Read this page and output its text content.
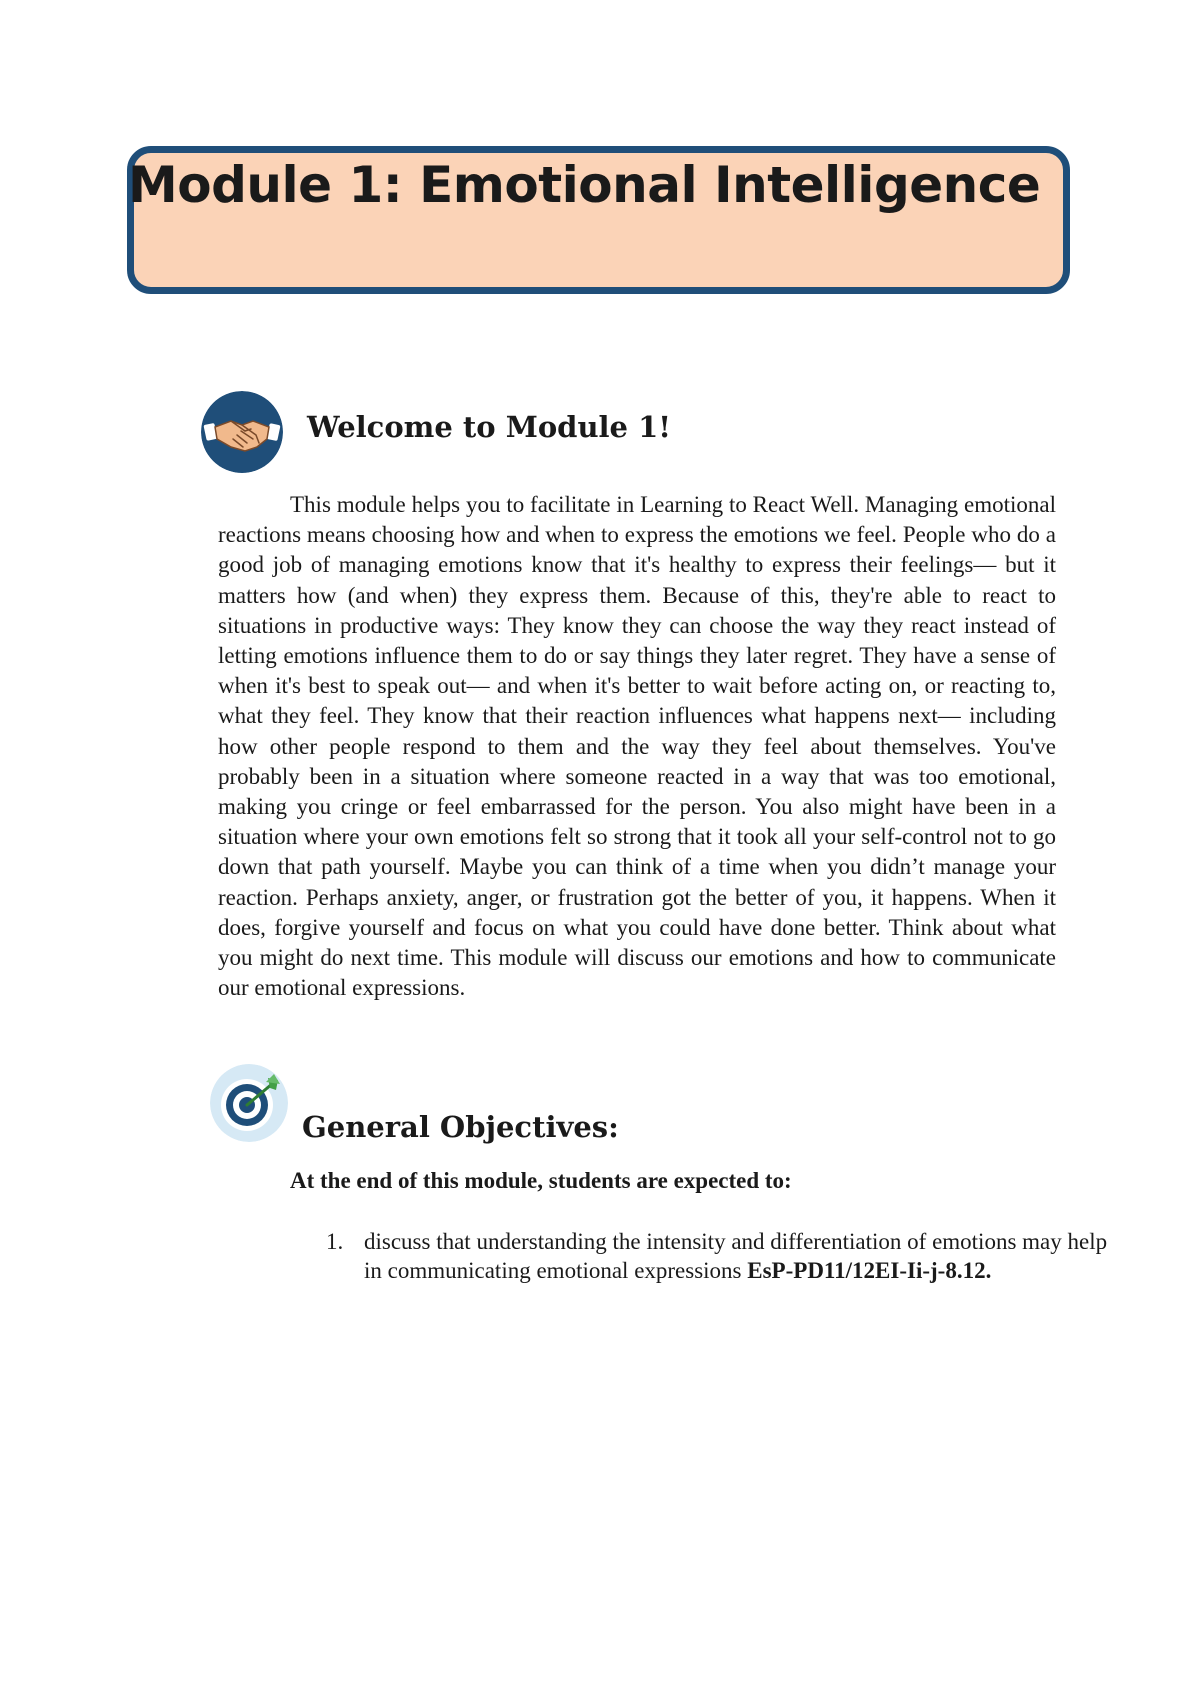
Module 1: Emotional Intelligence
Welcome to Module 1!

This module helps you to facilitate in Learning to React Well. Managing emotional reactions means choosing how and when to express the emotions we feel. People who do a good job of managing emotions know that it's healthy to express their feelings— but it matters how (and when) they express them. Because of this, they're able to react to situations in productive ways: They know they can choose the way they react instead of letting emotions influence them to do or say things they later regret. They have a sense of when it's best to speak out— and when it's better to wait before acting on, or reacting to, what they feel. They know that their reaction influences what happens next— including how other people respond to them and the way they feel about themselves. You've probably been in a situation where someone reacted in a way that was too emotional, making you cringe or feel embarrassed for the person. You also might have been in a situation where your own emotions felt so strong that it took all your self-control not to go down that path yourself. Maybe you can think of a time when you didn’t manage your reaction. Perhaps anxiety, anger, or frustration got the better of you, it happens. When it does, forgive yourself and focus on what you could have done better. Think about what you might do next time. This module will discuss our emotions and how to communicate our emotional expressions.

General Objectives:

At the end of this module, students are expected to:

1. discuss that understanding the intensity and differentiation of emotions may help in communicating emotional expressions EsP-PD11/12EI-Ii-j-8.12.
